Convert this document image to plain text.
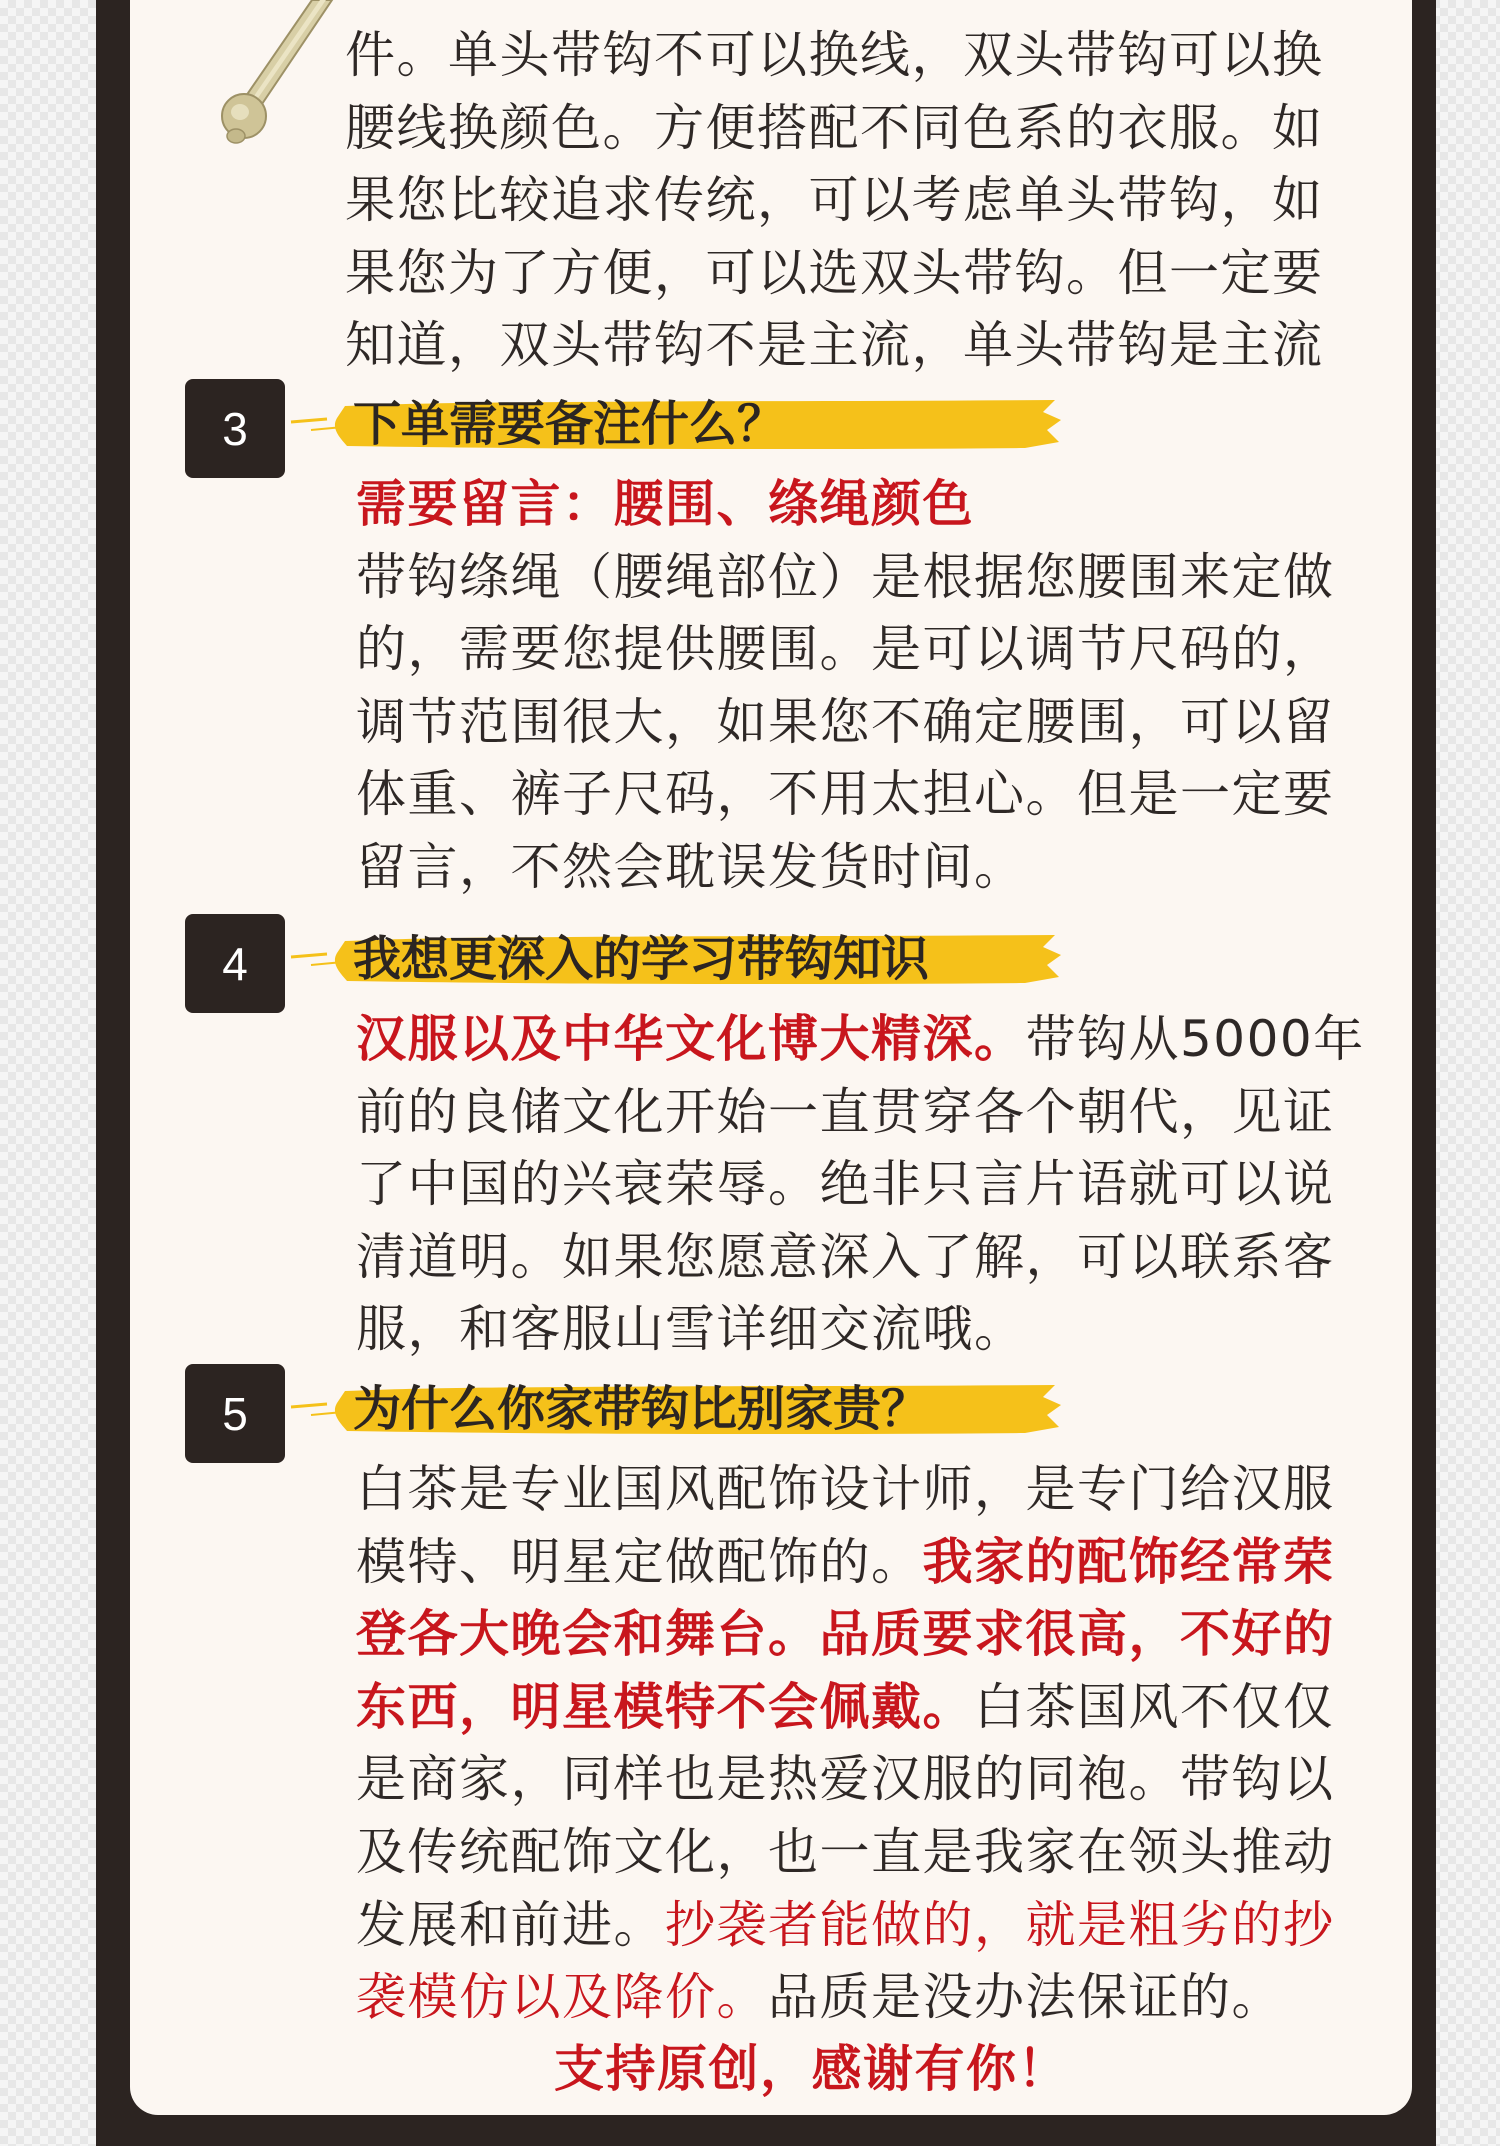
件。单头带钩不可以换线，双头带钩可以换
腰线换颜色。方便搭配不同色系的衣服。如
果您比较追求传统，可以考虑单头带钩，如
果您为了方便，可以选双头带钩。但一定要
知道，双头带钩不是主流，单头带钩是主流
3	下单需要备注什么？
需要留言：腰围、绦绳颜色
带钩绦绳（腰绳部位）是根据您腰围来定做
的，需要您提供腰围。是可以调节尺码的，
调节范围很大，如果您不确定腰围，可以留
体重、裤子尺码，不用太担心。但是一定要
留言，不然会耽误发货时间。
4	我想更深入的学习带钩知识
汉服以及中华文化博大精深。带钩从5000年
前的良储文化开始一直贯穿各个朝代，见证
了中国的兴衰荣辱。绝非只言片语就可以说
清道明。如果您愿意深入了解，可以联系客
服，和客服山雪详细交流哦。
5	为什么你家带钩比别家贵？
白茶是专业国风配饰设计师，是专门给汉服
模特、明星定做配饰的。我家的配饰经常荣
登各大晚会和舞台。品质要求很高，不好的
东西，明星模特不会佩戴。白茶国风不仅仅
是商家，同样也是热爱汉服的同袍。带钩以
及传统配饰文化，也一直是我家在领头推动
发展和前进。抄袭者能做的，就是粗劣的抄
袭模仿以及降价。品质是没办法保证的。
支持原创，感谢有你！
